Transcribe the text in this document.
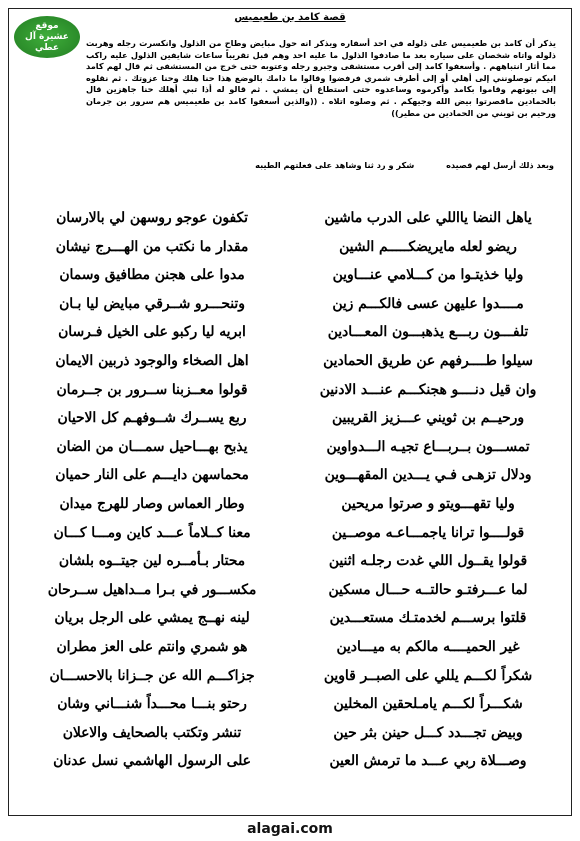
موقع
عشيرة آل عطي
قصة كامد بن طعيميس

يذكر أن كامد بن طعيميس على ذلوله في احد أسفاره ويذكر انه حول مبايض وطاح من الذلول وانكسرت رجله وهربت ذلوله واتاه شخصان على سياره بعد ما صادفوا الذلول ما عليه احد وهم قبل تقريباً ساعات شايفين الذلول عليه راكب مما أثار انتباههم . وأسعفوا كامد إلى أقرب مستشفى وجبرو رجله وعتوبه حتى خرج من المستشفى ثم قال لهم كامد ابيكم توصلونني إلى أهلي أو إلى أطرف شمري فرفضوا وقالوا ما دامك بالوضع هذا حنا هلك وحنا عزوتك . ثم نقلوه إلى بيوتهم وقاموا بكامد وأكرموه وساعدوه حتى استطاع أن يمشي . ثم قالو له أذا تبي أهلك حنا جاهزين قال بالحمادين ماقصرتوا بيض الله وجيهكم . ثم وصلوه اتلاه . ((والذين أسعفوا كامد بن طعيميس هم سرور بن جرمان ورحيم بن ثويني من الحمادين من مطير))

وبعد ذلك أرسل لهم قصيده  شكر و رد ثنا وشاهد على فعلتهم الطيبه
ياهل النضا يااللي على الدرب ماشين
تكفون عوجو روسهن لي بالارسان
ريضو لعله مايريضكـــــم الشين
مقدار ما نكتب من الهـــرج نيشان
وليا خذيتـوا من كـــلامي عنـــاوين
مدوا على هجنن مطافيق وسمان
مــــدوا عليهن عسى فالكـــم زين
وتنحـــرو شــرقي مبايض ليا بـان
تلفـــون ربـــع يذهبـــون المعـــادين
ابريه ليا ركبو على الخيل فـرسان
سيلوا طــــرفهم عن طريق الحمادين
اهل الصخاء والوجود ذربين الايمان
وان قيل دنــــو هجنكـــم عنـــد الادنين
قولوا معــزبنا ســرور بن جــرمان
ورحيــم بن ثويني عـــزيز القريبين
ربع يســرك شــوفهـم كل الاحيان
تمســـون بــربـــاع تجيـه الـــدواوين
يذبح بهـــاحيل سمـــان من الضان
ودلال تزهـى فـي يـــدين المقهـــوين
محماسهن دايـــم على النار حميان
وليا تقهـــويتو و صرتوا مريحين
وطار العماس وصار للهرج ميدان
قولــــوا ترانا ياجمـــاعـه موصــين
معنا كــلاماً عـــد كاين ومـــا كـــان
قولوا يقــول اللي غدت رجلـه اثنين
محتار بـأمــره لين جيتــوه بلشان
لما عـــرفتـو حالتــه حـــال مسكين
مكســـور في بـرا مــداهيل ســرحان
قلتوا برســـم لخدمتـك مستعـــدين
لينه نهــج يمشي على الرجل بريان
غير الحميــــه مالكم به ميـــادين
هو شمري وانتم على العز مطران
شكراً لكـــم يللي على الصبــر قاوين
جزاكـــم الله عن جــزانا بالاحســـان
شكـــراً لكـــم يامـلحقين المخلين
رحتو بنـــا محـــداً شنـــاني وشان
وبيض تجـــدد كـــل حينن بثر حين
تنشر وتكتب بالصحايف والاعلان
وصـــلاة ربي عـــد ما ترمش العين
على الرسول الهاشمي نسل عدنان
alagai.com
